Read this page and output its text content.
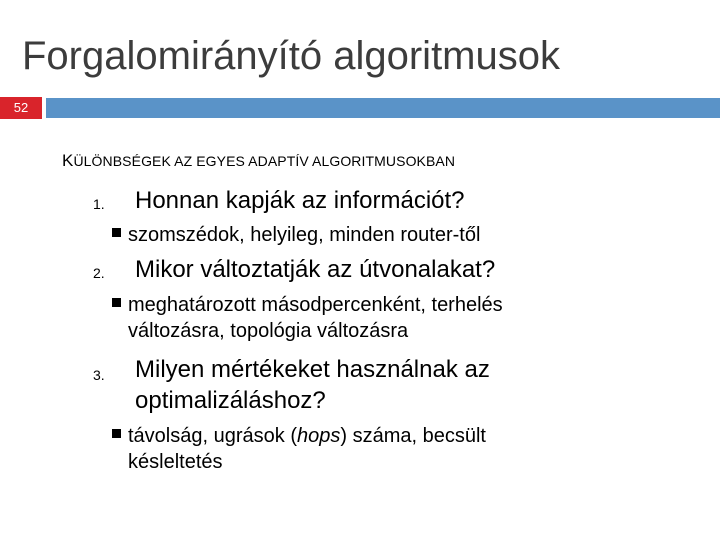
Forgalomirányító algoritmusok
52
KÜLÖNBSÉGEK AZ EGYES ADAPTÍV ALGORITMUSOKBAN
1. Honnan kapják az információt?
szomszédok, helyileg, minden router-től
2. Mikor változtatják az útvonalakat?
meghatározott másodpercenként, terhelés
változásra, topológia változásra
3. Milyen mértékeket használnak az
optimalizáláshoz?
távolság, ugrások (hops) száma, becsült
késleltetés
